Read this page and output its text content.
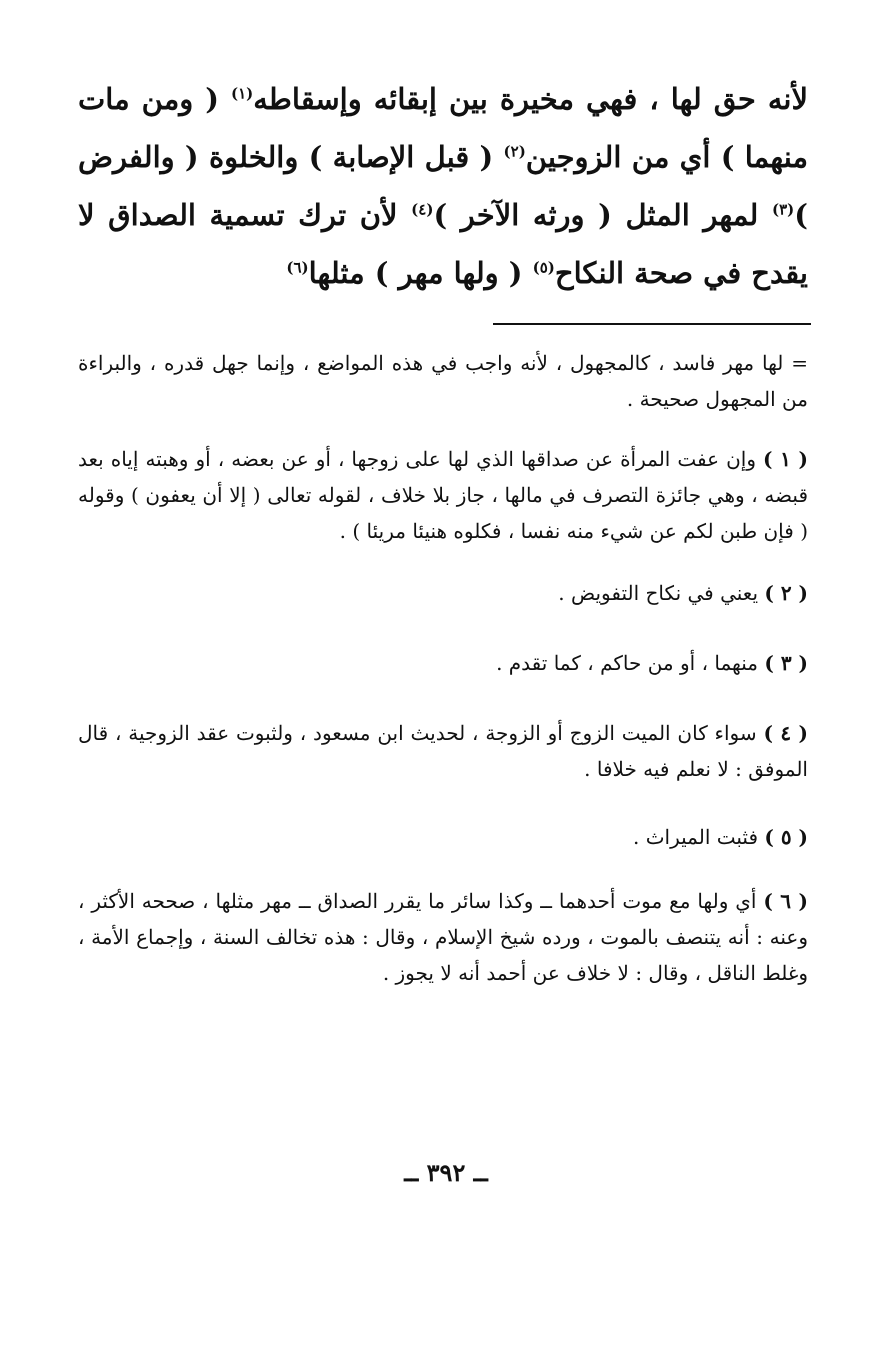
لأنه حق لها ، فهي مخيرة بين إبقائه وإسقاطه$^{(١)}$ ( ومن مات منهما ) أي من الزوجين$^{(٢)}$ ( قبل الإصابة ) والخلوة ( والفرض )$^{(٣)}$ لمهر المثل ( ورثه الآخر )$^{(٤)}$ لأن ترك تسمية الصداق لا يقدح في صحة النكاح$^{(٥)}$ ( ولها مهر ) مثلها$^{(٦)}$

= لها مهر فاسد ، كالمجهول ، لأنه واجب في هذه المواضع ، وإنما جهل قدره ، والبراءة من المجهول صحيحة .

( ١ ) وإن عفت المرأة عن صداقها الذي لها على زوجها ، أو عن بعضه ، أو وهبته إياه بعد قبضه ، وهي جائزة التصرف في مالها ، جاز بلا خلاف ، لقوله تعالى ( إلا أن يعفون ) وقوله ( فإن طبن لكم عن شيء منه نفسا ، فكلوه هنيئا مريئا ) .

( ٢ ) يعني في نكاح التفويض .

( ٣ ) منهما ، أو من حاكم ، كما تقدم .

( ٤ ) سواء كان الميت الزوج أو الزوجة ، لحديث ابن مسعود ، ولثبوت عقد الزوجية ، قال الموفق : لا نعلم فيه خلافا .

( ٥ ) فثبت الميراث .

( ٦ ) أي ولها مع موت أحدهما ــ وكذا سائر ما يقرر الصداق ــ مهر مثلها ، صححه الأكثر ، وعنه : أنه يتنصف بالموت ، ورده شيخ الإسلام ، وقال : هذه تخالف السنة ، وإجماع الأمة ، وغلط الناقل ، وقال : لا خلاف عن أحمد أنه لا يجوز .

ــ ٣٩٢ ــ
